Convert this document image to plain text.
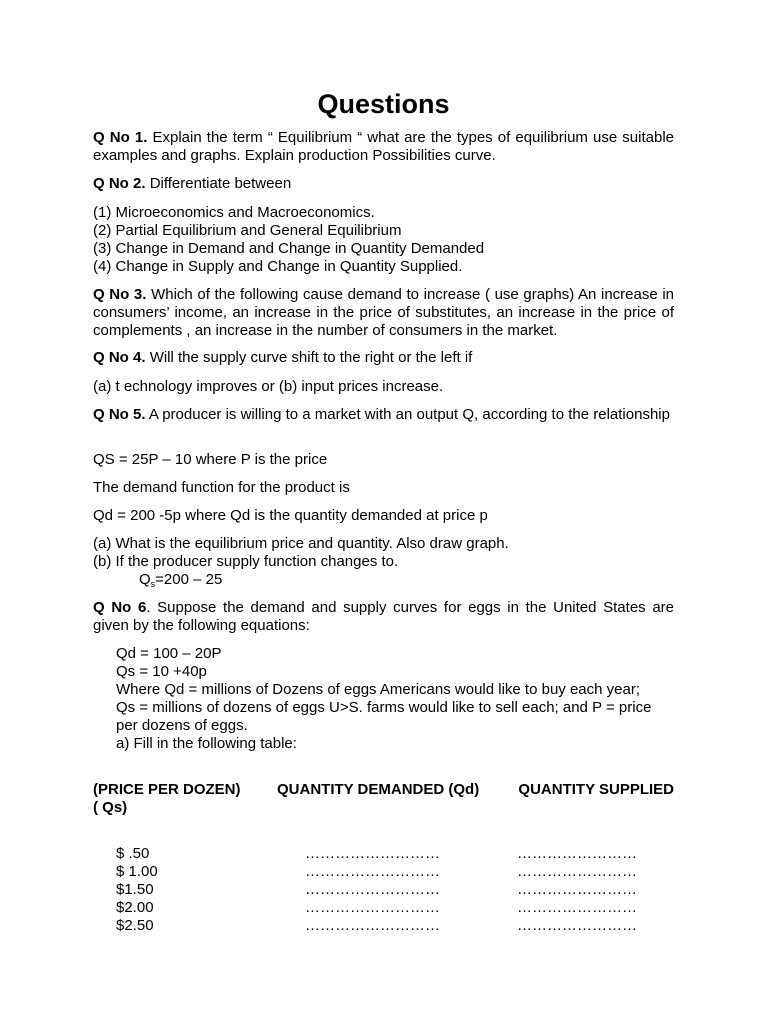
Questions

Q No 1. Explain the term “ Equilibrium “ what are the types of equilibrium use suitable examples and graphs. Explain production Possibilities curve.

Q No 2. Differentiate between

(1) Microeconomics and Macroeconomics.
(2) Partial Equilibrium and General Equilibrium
(3) Change in Demand and Change in Quantity Demanded
(4) Change in Supply and Change in Quantity Supplied.

Q No 3. Which of the following cause demand to increase ( use graphs) An increase in consumers’ income, an increase in the price of substitutes, an increase in the price of complements , an increase in the number of consumers in the market.

Q No 4. Will the supply curve shift to the right or the left if

(a) t echnology improves or (b) input prices increase.

Q No 5. A producer is willing to a market with an output Q, according to the relationship

QS = 25P – 10 where P is the price

The demand function for the product is

Qd = 200 -5p where Qd is the quantity demanded at price p

(a) What is the equilibrium price and quantity. Also draw graph.
(b) If the producer supply function changes to.
$Q_s=200 - 25$

Q No 6. Suppose the demand and supply curves for eggs in the United States are given by the following equations:

Qd = 100 – 20P
Qs = 10 +40p
Where Qd = millions of Dozens of eggs Americans would like to buy each year;
Qs = millions of dozens of eggs U>S. farms would like to sell each; and P = price
per dozens of eggs.
a) Fill in the following table:
(PRICE PER DOZEN) QUANTITY DEMANDED (Qd)	QUANTITY SUPPLIED
( Qs)
$ .50	………………………	……………………
$ 1.00	………………………	……………………
$1.50	………………………	……………………
$2.00	………………………	……………………
$2.50	………………………	……………………
